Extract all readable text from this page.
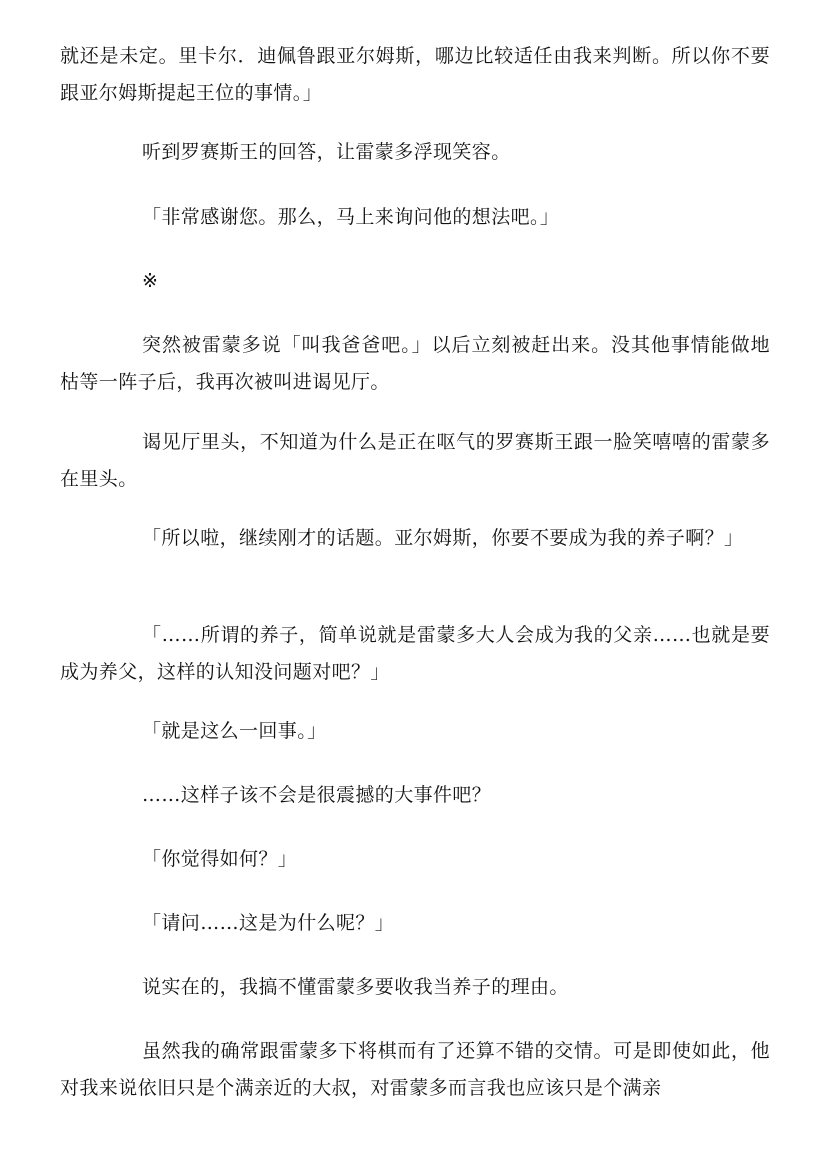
就还是未定。里卡尔．迪佩鲁跟亚尔姆斯，哪边比较适任由我来判断。所以你不要跟亚尔姆斯提起王位的事情。」

听到罗赛斯王的回答，让雷蒙多浮现笑容。

「非常感谢您。那么，马上来询问他的想法吧。」

※

突然被雷蒙多说「叫我爸爸吧。」以后立刻被赶出来。没其他事情能做地枯等一阵子后，我再次被叫进谒见厅。

谒见厅里头，不知道为什么是正在呕气的罗赛斯王跟一脸笑嘻嘻的雷蒙多在里头。

「所以啦，继续刚才的话题。亚尔姆斯，你要不要成为我的养子啊？」

「……所谓的养子，简单说就是雷蒙多大人会成为我的父亲……也就是要成为养父，这样的认知没问题对吧？」

「就是这么一回事。」

……这样子该不会是很震撼的大事件吧？

「你觉得如何？」

「请问……这是为什么呢？」

说实在的，我搞不懂雷蒙多要收我当养子的理由。

虽然我的确常跟雷蒙多下将棋而有了还算不错的交情。可是即使如此，他对我来说依旧只是个满亲近的大叔，对雷蒙多而言我也应该只是个满亲
